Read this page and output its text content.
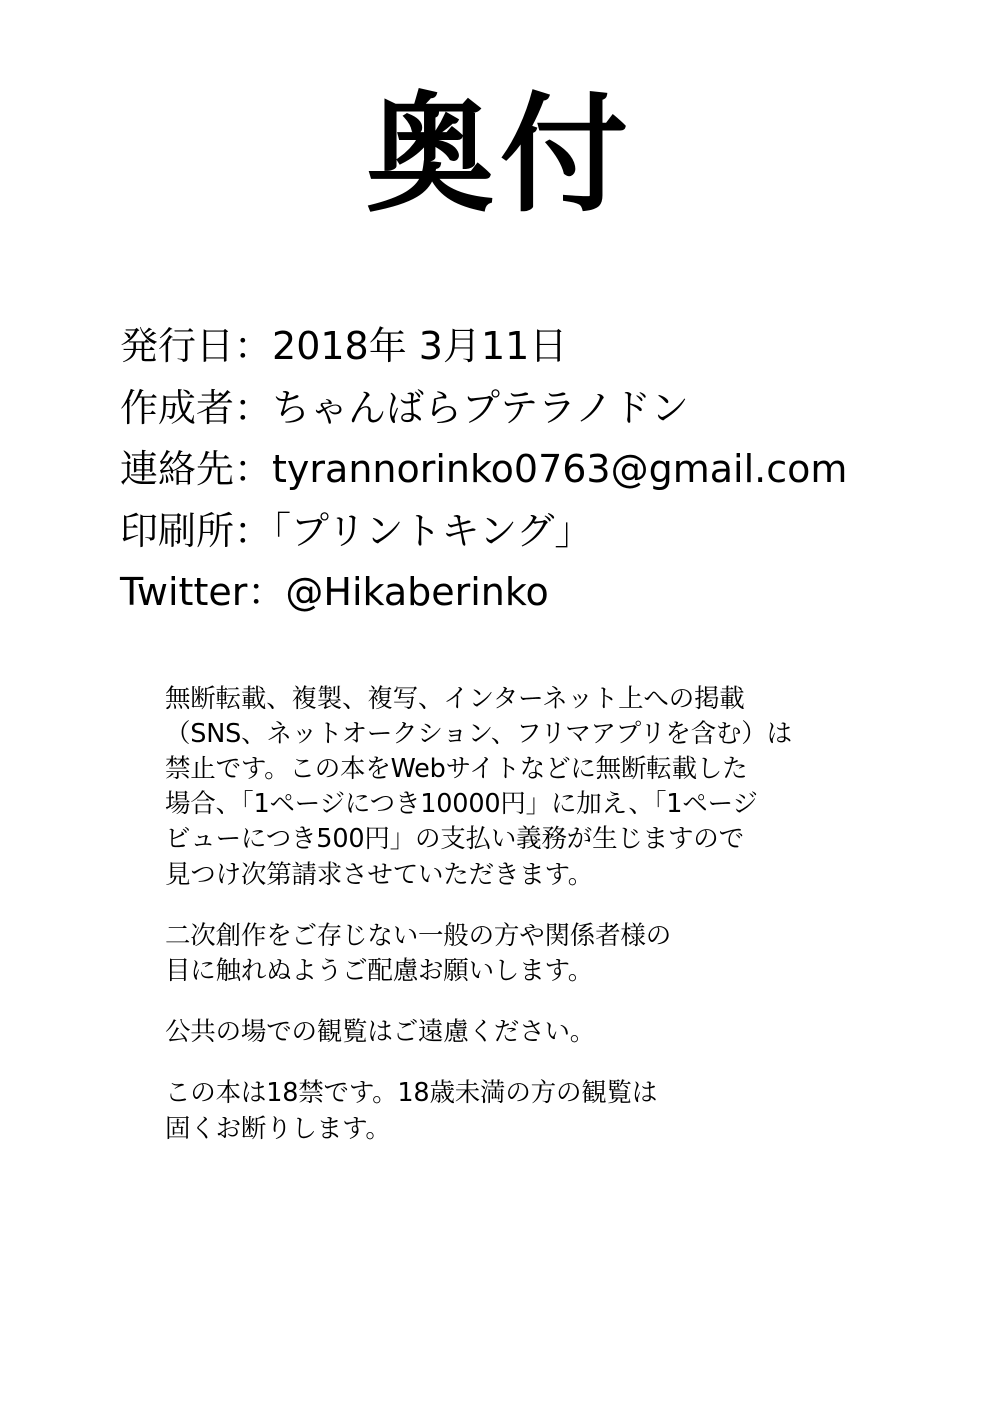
奥付
発行日：2018年 3月11日
作成者：ちゃんばらプテラノドン
連絡先：tyrannorinko0763@gmail.com
印刷所：「プリントキング」
Twitter：@Hikaberinko

無断転載、複製、複写、インターネット上への掲載
（SNS、ネットオークション、フリマアプリを含む）は
禁止です。この本をWebサイトなどに無断転載した
場合、「1ページにつき10000円」に加え、「1ページ
ビューにつき500円」の支払い義務が生じますので
見つけ次第請求させていただきます。

二次創作をご存じない一般の方や関係者様の
目に触れぬようご配慮お願いします。

公共の場での観覧はご遠慮ください。

この本は18禁です。18歳未満の方の観覧は
固くお断りします。
